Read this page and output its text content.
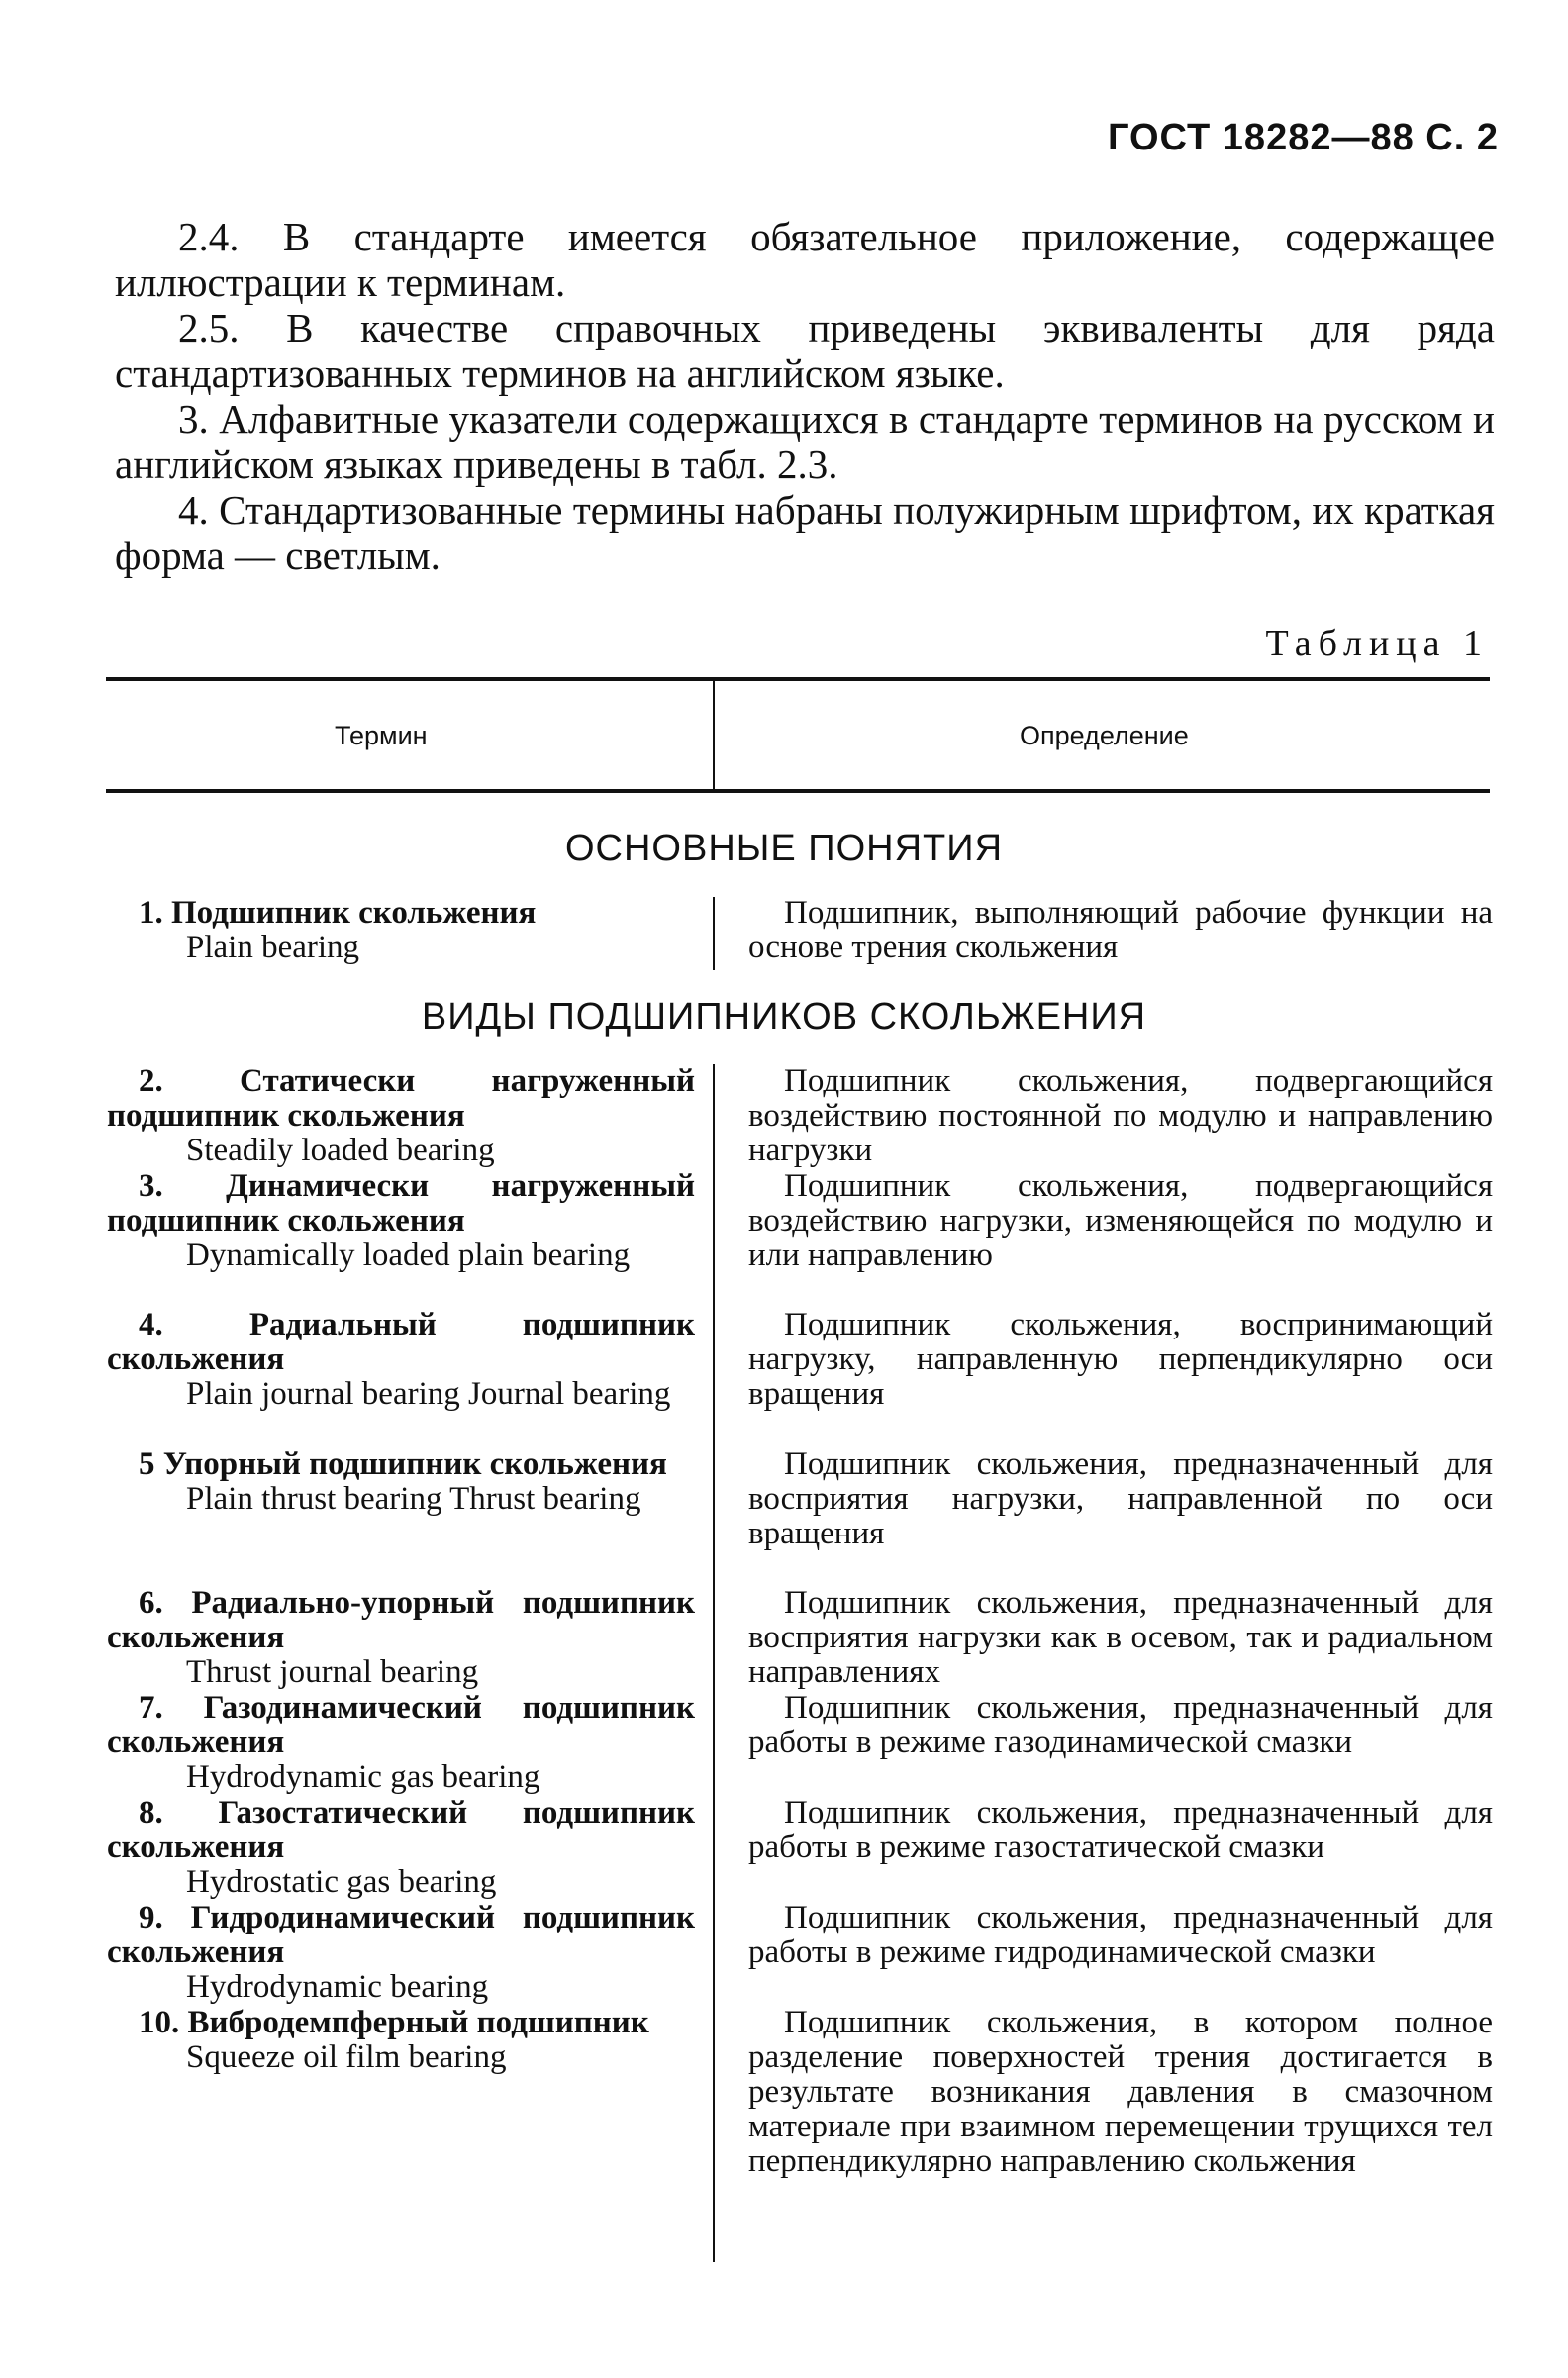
ГОСТ 18282—88 С. 2

2.4. В стандарте имеется обязательное приложение, содержащее иллюстрации к терминам.

2.5. В качестве справочных приведены эквиваленты для ряда стандартизованных терминов на английском языке.

3. Алфавитные указатели содержащихся в стандарте терминов на русском и английском языках приведены в табл. 2.3.

4. Стандартизованные термины набраны полужирным шрифтом, их краткая форма — светлым.

Таблица 1
Термин	Определение
ОСНОВНЫЕ ПОНЯТИЯ
ВИДЫ ПОДШИПНИКОВ СКОЛЬЖЕНИЯ
1. Подшипник скольжения
Plain bearing
2. Статически нагруженный подшипник скольжения
Steadily loaded bearing
3. Динамически нагруженный подшипник скольжения
Dynamically loaded plain bearing
4. Радиальный подшипник скольжения
Plain journal bearing Journal bearing
5 Упорный подшипник скольжения
Plain thrust bearing Thrust bearing
6. Радиально-упорный подшипник скольжения
Thrust journal bearing
7. Газодинамический подшипник скольжения
Hydrodynamic gas bearing
8. Газостатический подшипник скольжения
Hydrostatic gas bearing
9. Гидродинамический подшипник скольжения
Hydrodynamic bearing
10. Вибродемпферный подшипник
Squeeze oil film bearing
Подшипник, выполняющий рабочие функции на основе трения скольжения
Подшипник скольжения, подвергающийся воздействию постоянной по модулю и направлению нагрузки
Подшипник скольжения, подвергающийся воздействию нагрузки, изменяющейся по модулю и или направлению
Подшипник скольжения, воспринимающий нагрузку, направленную перпендикулярно оси вращения
Подшипник скольжения, предназначенный для восприятия нагрузки, направленной по оси вращения
Подшипник скольжения, предназначенный для восприятия нагрузки как в осевом, так и радиальном направлениях
Подшипник скольжения, предназначенный для работы в режиме газодинамической смазки
Подшипник скольжения, предназначенный для работы в режиме газостатической смазки
Подшипник скольжения, предназначенный для работы в режиме гидродинамической смазки
Подшипник скольжения, в котором полное разделение поверхностей трения достигается в результате возникания давления в смазочном материале при взаимном перемещении трущихся тел перпендикулярно направлению скольжения
